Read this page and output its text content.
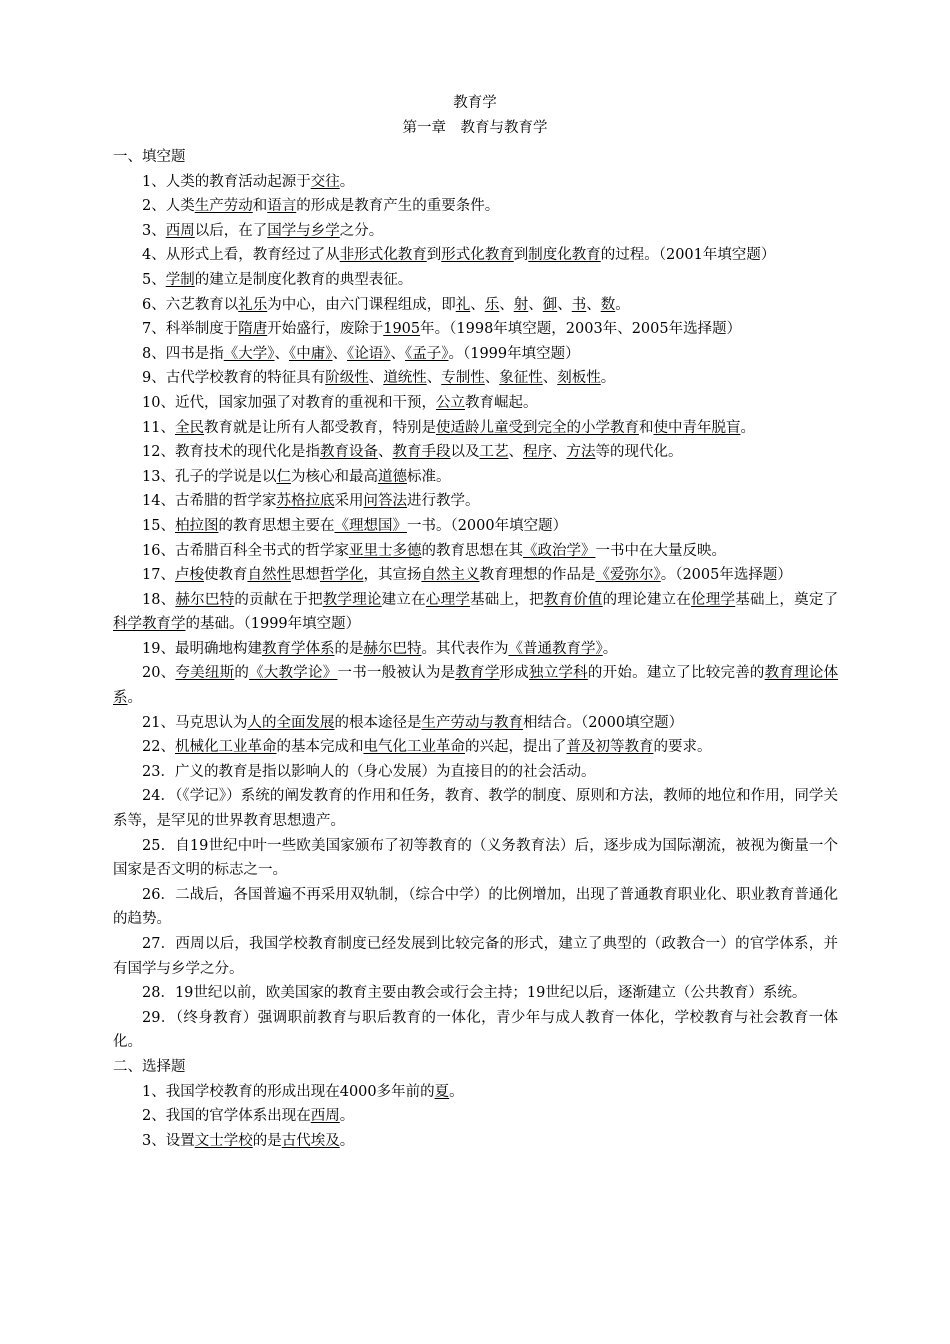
教育学
第一章　教育与教育学
一、填空题
1、人类的教育活动起源于交往。
2、人类生产劳动和语言的形成是教育产生的重要条件。
3、西周以后，在了国学与乡学之分。
4、从形式上看，教育经过了从非形式化教育到形式化教育到制度化教育的过程。（2001年填空题）
5、学制的建立是制度化教育的典型表征。
6、六艺教育以礼乐为中心，由六门课程组成，即礼、乐、射、御、书、数。
7、科举制度于隋唐开始盛行，废除于1905年。（1998年填空题，2003年、2005年选择题）
8、四书是指《大学》、《中庸》、《论语》、《孟子》。（1999年填空题）
9、古代学校教育的特征具有阶级性、道统性、专制性、象征性、刻板性。
10、近代，国家加强了对教育的重视和干预，公立教育崛起。
11、全民教育就是让所有人都受教育，特别是使适龄儿童受到完全的小学教育和使中青年脱盲。
12、教育技术的现代化是指教育设备、教育手段以及工艺、程序、方法等的现代化。
13、孔子的学说是以仁为核心和最高道德标准。
14、古希腊的哲学家苏格拉底采用问答法进行教学。
15、柏拉图的教育思想主要在《理想国》一书。（2000年填空题）
16、古希腊百科全书式的哲学家亚里士多德的教育思想在其《政治学》一书中在大量反映。
17、卢梭使教育自然性思想哲学化，其宣扬自然主义教育理想的作品是《爱弥尔》。（2005年选择题）
18、赫尔巴特的贡献在于把教学理论建立在心理学基础上，把教育价值的理论建立在伦理学基础上，奠定了科学教育学的基础。（1999年填空题）
19、最明确地构建教育学体系的是赫尔巴特。其代表作为《普通教育学》。
20、夸美纽斯的《大教学论》一书一般被认为是教育学形成独立学科的开始。建立了比较完善的教育理论体系。
21、马克思认为人的全面发展的根本途径是生产劳动与教育相结合。（2000填空题）
22、机械化工业革命的基本完成和电气化工业革命的兴起，提出了普及初等教育的要求。
23．广义的教育是指以影响人的（身心发展）为直接目的的社会活动。
24．（《学记》）系统的阐发教育的作用和任务，教育、教学的制度、原则和方法，教师的地位和作用，同学关系等，是罕见的世界教育思想遗产。
25．自19世纪中叶一些欧美国家颁布了初等教育的（义务教育法）后，逐步成为国际潮流，被视为衡量一个国家是否文明的标志之一。
26．二战后，各国普遍不再采用双轨制，（综合中学）的比例增加，出现了普通教育职业化、职业教育普通化的趋势。
27．西周以后，我国学校教育制度已经发展到比较完备的形式，建立了典型的（政教合一）的官学体系，并有国学与乡学之分。
28．19世纪以前，欧美国家的教育主要由教会或行会主持；19世纪以后，逐渐建立（公共教育）系统。
29．（终身教育）强调职前教育与职后教育的一体化，青少年与成人教育一体化，学校教育与社会教育一体化。
二、选择题
1、我国学校教育的形成出现在4000多年前的夏。
2、我国的官学体系出现在西周。
3、设置文士学校的是古代埃及。
